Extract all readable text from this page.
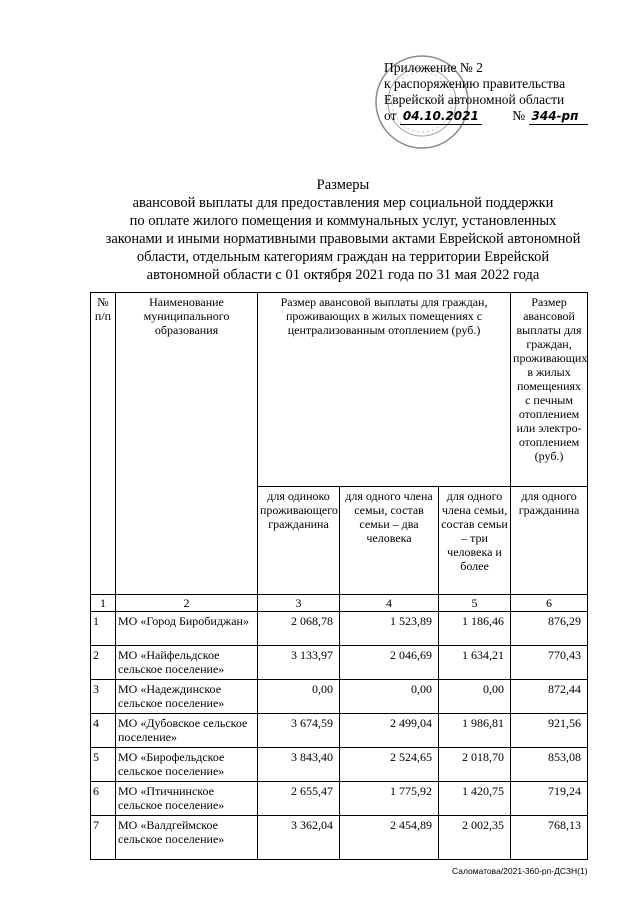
Приложение № 2
к распоряжению правительства
Еврейской автономной области
от 04.10.2021 № 344-рп
Размеры
авансовой выплаты для предоставления мер социальной поддержки
по оплате жилого помещения и коммунальных услуг, установленных
законами и иными нормативными правовыми актами Еврейской автономной
области, отдельным категориям граждан на территории Еврейской
автономной области с 01 октября 2021 года по 31 мая 2022 года
№ п/п	Наименование муниципального образования	Размер авансовой выплаты для граждан, проживающих в жилых помещениях с централизованным отоплением (руб.)			Размер авансовой выплаты для граждан, проживающих в жилых помещениях с печным отоплением или электро-отоплением (руб.)
		для одиноко проживающего гражданина	для одного члена семьи, состав семьи – два человека	для одного члена семьи, состав семьи – три человека и более	для одного гражданина
1	2	3	4	5	6
1	МО «Город Биробиджан»	2 068,78	1 523,89	1 186,46	876,29
2	МО «Найфельдское сельское поселение»	3 133,97	2 046,69	1 634,21	770,43
3	МО «Надеждинское сельское поселение»	0,00	0,00	0,00	872,44
4	МО «Дубовское сельское поселение»	3 674,59	2 499,04	1 986,81	921,56
5	МО «Бирофельдское сельское поселение»	3 843,40	2 524,65	2 018,70	853,08
6	МО «Птичнинское сельское поселение»	2 655,47	1 775,92	1 420,75	719,24
7	МО «Валдгеймское сельское поселение»	3 362,04	2 454,89	2 002,35	768,13
Саломатова/2021-360-рп-ДСЗН(1)
